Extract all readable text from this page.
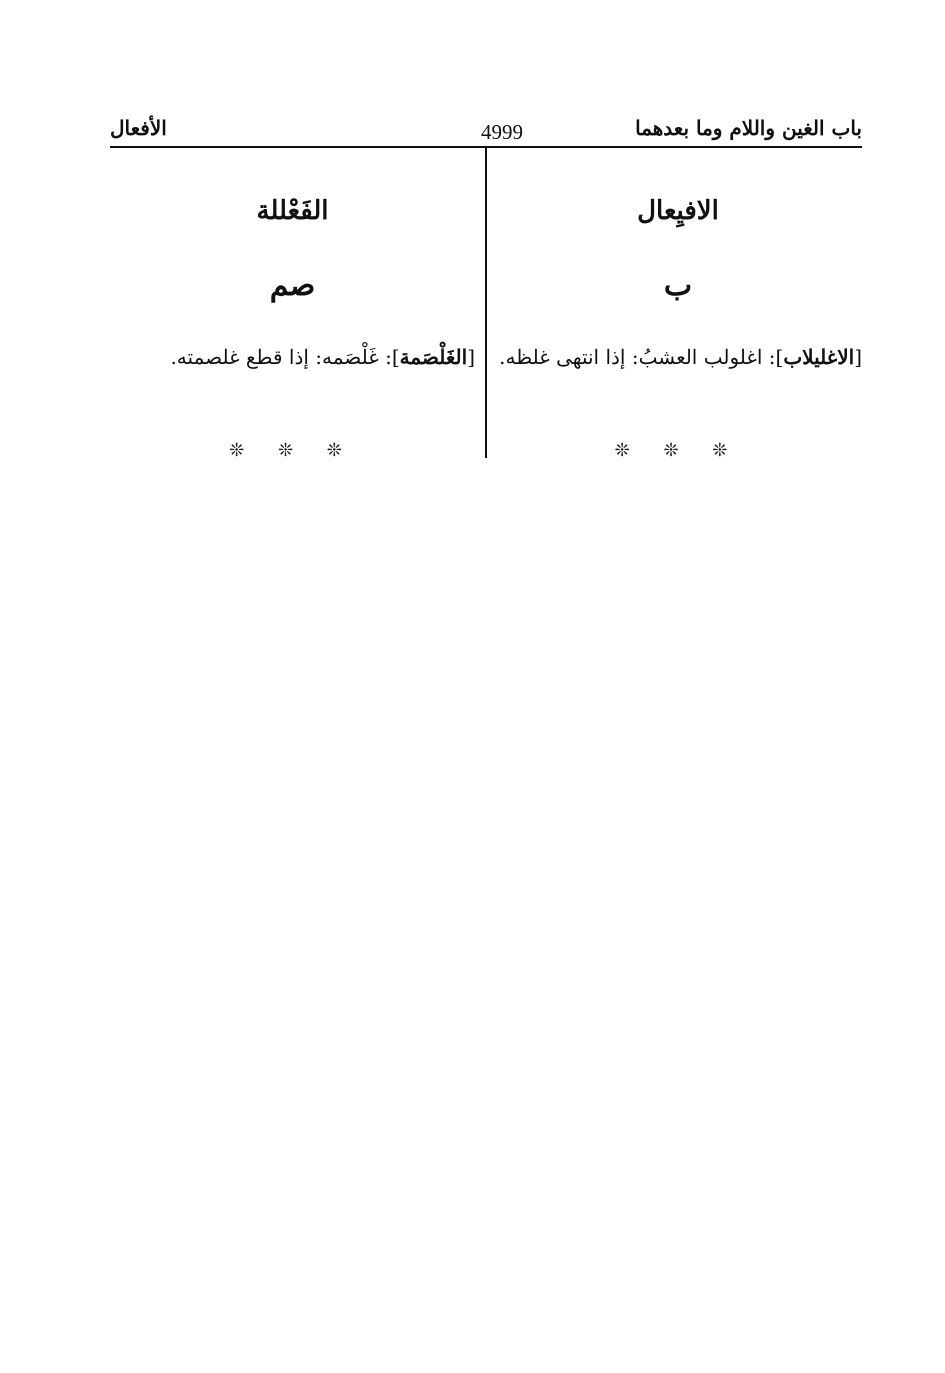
الأفعال	4999	باب الغين واللام وما بعدهما
الافيِعال
ب
[الاغليلاب]: اغلولب العشبُ: إذا انتهى غلظه.
❊ ❊ ❊
الفَعْللة
صم
[الغَلْصَمة]: غَلْصَمه: إذا قطع غلصمته.
❊ ❊ ❊
